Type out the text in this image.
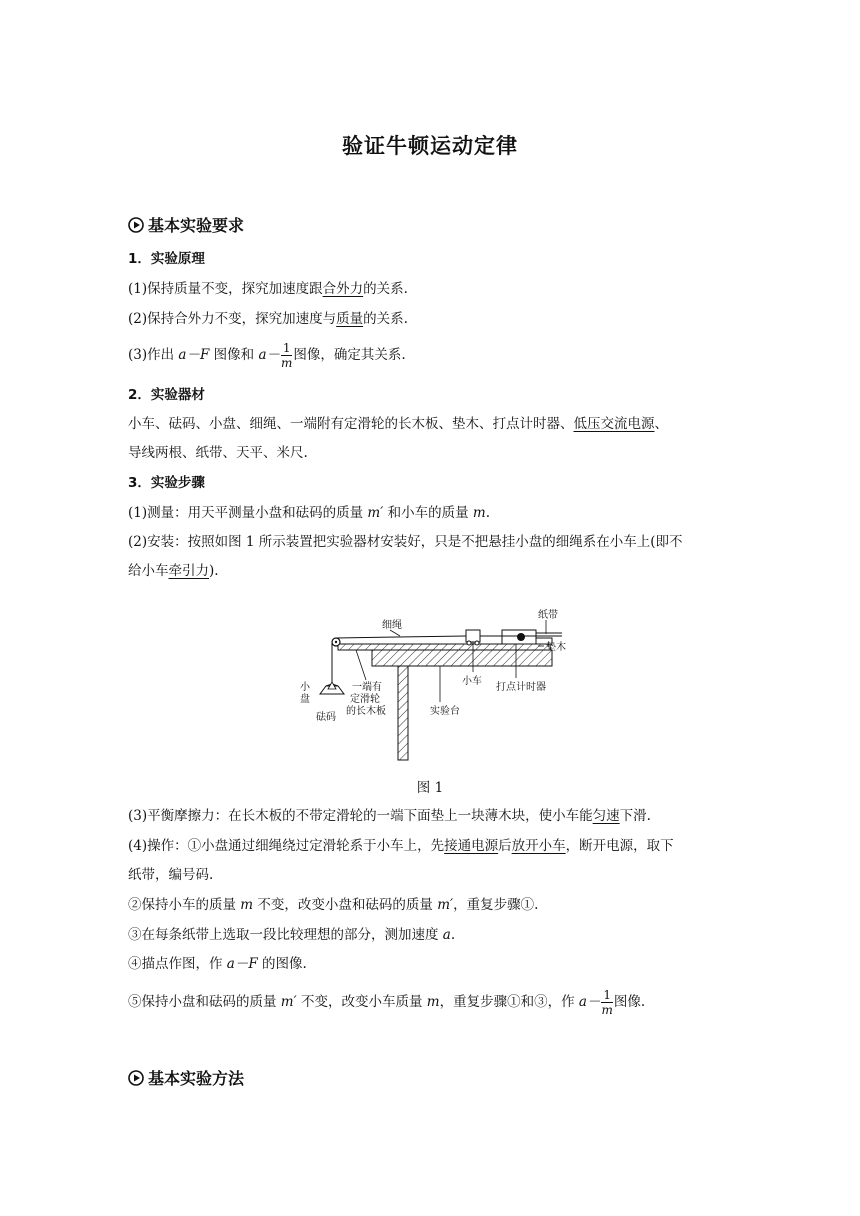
验证牛顿运动定律
基本实验要求
1．实验原理
(1)保持质量不变，探究加速度跟合外力的关系.
(2)保持合外力不变，探究加速度与质量的关系.
(3)作出 a－F 图像和 $a- \frac{1}{m}$ 图像，确定其关系.
2．实验器材
小车、砝码、小盘、细绳、一端附有定滑轮的长木板、垫木、打点计时器、低压交流电源、
导线两根、纸带、天平、米尺.
3．实验步骤
(1)测量：用天平测量小盘和砝码的质量 m′ 和小车的质量 m.
(2)安装：按照如图 1 所示装置把实验器材安装好，只是不把悬挂小盘的细绳系在小车上(即不
给小车牵引力).
细绳
纸带
垫木
小车
打点计时器
实验台
小
盘
砝码
一端有
定滑轮
的长木板
图 1
(3)平衡摩擦力：在长木板的不带定滑轮的一端下面垫上一块薄木块，使小车能匀速下滑.
(4)操作：①小盘通过细绳绕过定滑轮系于小车上，先接通电源后放开小车，断开电源，取下
纸带，编号码.
②保持小车的质量 m 不变，改变小盘和砝码的质量 m′，重复步骤①.
③在每条纸带上选取一段比较理想的部分，测加速度 a.
④描点作图，作 a－F 的图像.
⑤保持小盘和砝码的质量 m′ 不变，改变小车质量 m，重复步骤①和③，作 $a- \frac{1}{m}$ 图像.
基本实验方法
